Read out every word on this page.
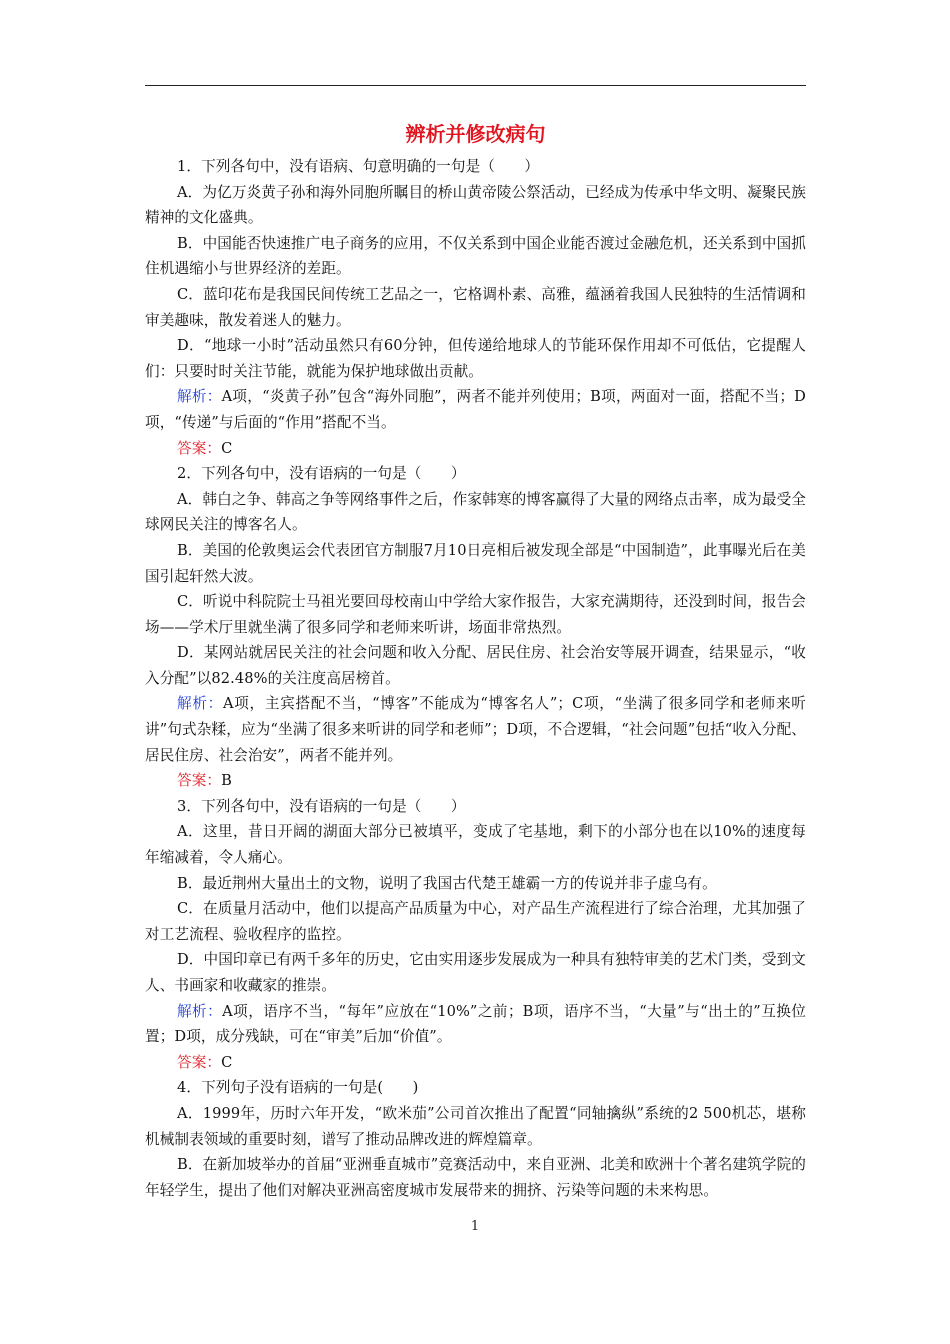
辨析并修改病句

1．下列各句中，没有语病、句意明确的一句是（　　）

A．为亿万炎黄子孙和海外同胞所瞩目的桥山黄帝陵公祭活动，已经成为传承中华文明、凝聚民族精神的文化盛典。

B．中国能否快速推广电子商务的应用，不仅关系到中国企业能否渡过金融危机，还关系到中国抓住机遇缩小与世界经济的差距。

C．蓝印花布是我国民间传统工艺品之一，它格调朴素、高雅，蕴涵着我国人民独特的生活情调和审美趣味，散发着迷人的魅力。

D．“地球一小时”活动虽然只有60分钟，但传递给地球人的节能环保作用却不可低估，它提醒人们：只要时时关注节能，就能为保护地球做出贡献。

解析：A项，“炎黄子孙”包含“海外同胞”，两者不能并列使用；B项，两面对一面，搭配不当；D项，“传递”与后面的“作用”搭配不当。

答案：C

2．下列各句中，没有语病的一句是（　　）

A．韩白之争、韩高之争等网络事件之后，作家韩寒的博客赢得了大量的网络点击率，成为最受全球网民关注的博客名人。

B．美国的伦敦奥运会代表团官方制服7月10日亮相后被发现全部是“中国制造”，此事曝光后在美国引起轩然大波。

C．听说中科院院士马祖光要回母校南山中学给大家作报告，大家充满期待，还没到时间，报告会场——学术厅里就坐满了很多同学和老师来听讲，场面非常热烈。

D．某网站就居民关注的社会问题和收入分配、居民住房、社会治安等展开调查，结果显示，“收入分配”以82.48%的关注度高居榜首。

解析：A项，主宾搭配不当，“博客”不能成为“博客名人”；C项，“坐满了很多同学和老师来听讲”句式杂糅，应为“坐满了很多来听讲的同学和老师”；D项，不合逻辑，“社会问题”包括“收入分配、居民住房、社会治安”，两者不能并列。

答案：B

3．下列各句中，没有语病的一句是（　　）

A．这里，昔日开阔的湖面大部分已被填平，变成了宅基地，剩下的小部分也在以10%的速度每年缩减着，令人痛心。

B．最近荆州大量出土的文物，说明了我国古代楚王雄霸一方的传说并非子虚乌有。

C．在质量月活动中，他们以提高产品质量为中心，对产品生产流程进行了综合治理，尤其加强了对工艺流程、验收程序的监控。

D．中国印章已有两千多年的历史，它由实用逐步发展成为一种具有独特审美的艺术门类，受到文人、书画家和收藏家的推崇。

解析：A项，语序不当，“每年”应放在“10%”之前；B项，语序不当，“大量”与“出土的”互换位置；D项，成分残缺，可在“审美”后加“价值”。

答案：C

4．下列句子没有语病的一句是(　　)

A．1999年，历时六年开发，“欧米茄”公司首次推出了配置“同轴擒纵”系统的2 500机芯，堪称机械制表领域的重要时刻，谱写了推动品牌改进的辉煌篇章。

B．在新加坡举办的首届“亚洲垂直城市”竞赛活动中，来自亚洲、北美和欧洲十个著名建筑学院的年轻学生，提出了他们对解决亚洲高密度城市发展带来的拥挤、污染等问题的未来构思。

1
